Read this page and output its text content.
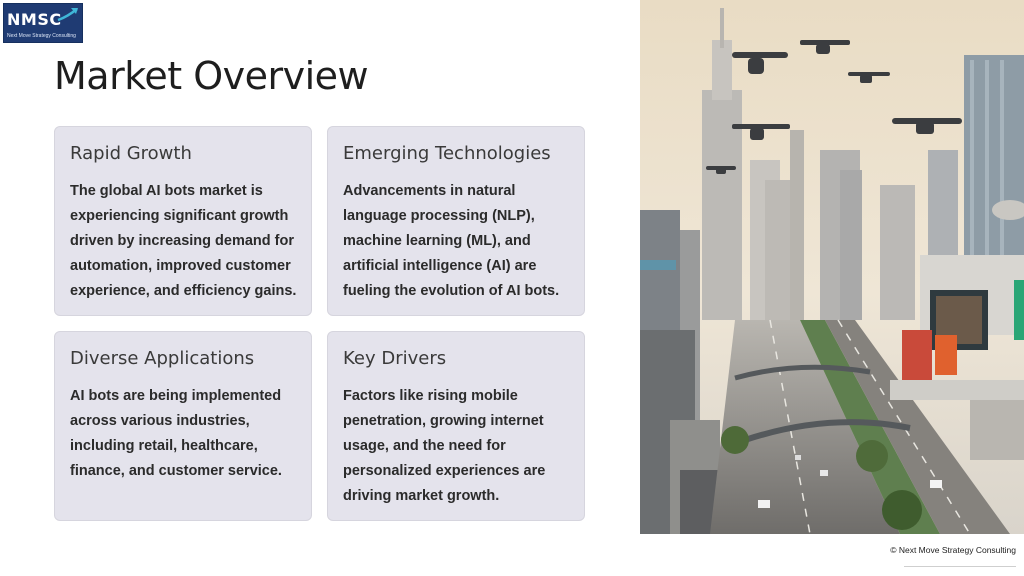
NMSC
Next Move Strategy Consulting
Market Overview
Rapid Growth

The global AI bots market is experiencing significant growth driven by increasing demand for automation, improved customer experience, and efficiency gains.

Emerging Technologies

Advancements in natural language processing (NLP), machine learning (ML), and artificial intelligence (AI) are fueling the evolution of AI bots.

Diverse Applications

AI bots are being implemented across various industries, including retail, healthcare, finance, and customer service.

Key Drivers

Factors like rising mobile penetration, growing internet usage, and the need for personalized experiences are driving market growth.

© Next Move Strategy Consulting
